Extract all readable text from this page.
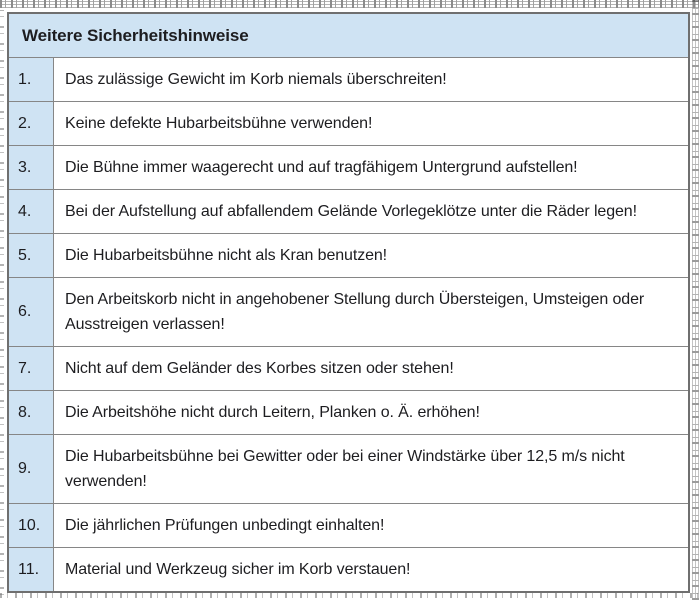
Weitere Sicherheitshinweise
1. Das zulässige Gewicht im Korb niemals überschreiten!
2. Keine defekte Hubarbeitsbühne verwenden!
3. Die Bühne immer waagerecht und auf tragfähigem Untergrund aufstellen!
4. Bei der Aufstellung auf abfallendem Gelände Vorlegeklötze unter die Räder legen!
5. Die Hubarbeitsbühne nicht als Kran benutzen!
6.
Den Arbeitskorb nicht in angehobener Stellung durch Übersteigen, Umsteigen oder Ausstreigen verlassen!
7. Nicht auf dem Geländer des Korbes sitzen oder stehen!
8. Die Arbeitshöhe nicht durch Leitern, Planken o. Ä. erhöhen!
9.
Die Hubarbeitsbühne bei Gewitter oder bei einer Windstärke über 12,5 m/s nicht verwenden!
10. Die jährlichen Prüfungen unbedingt einhalten!
11. Material und Werkzeug sicher im Korb verstauen!
